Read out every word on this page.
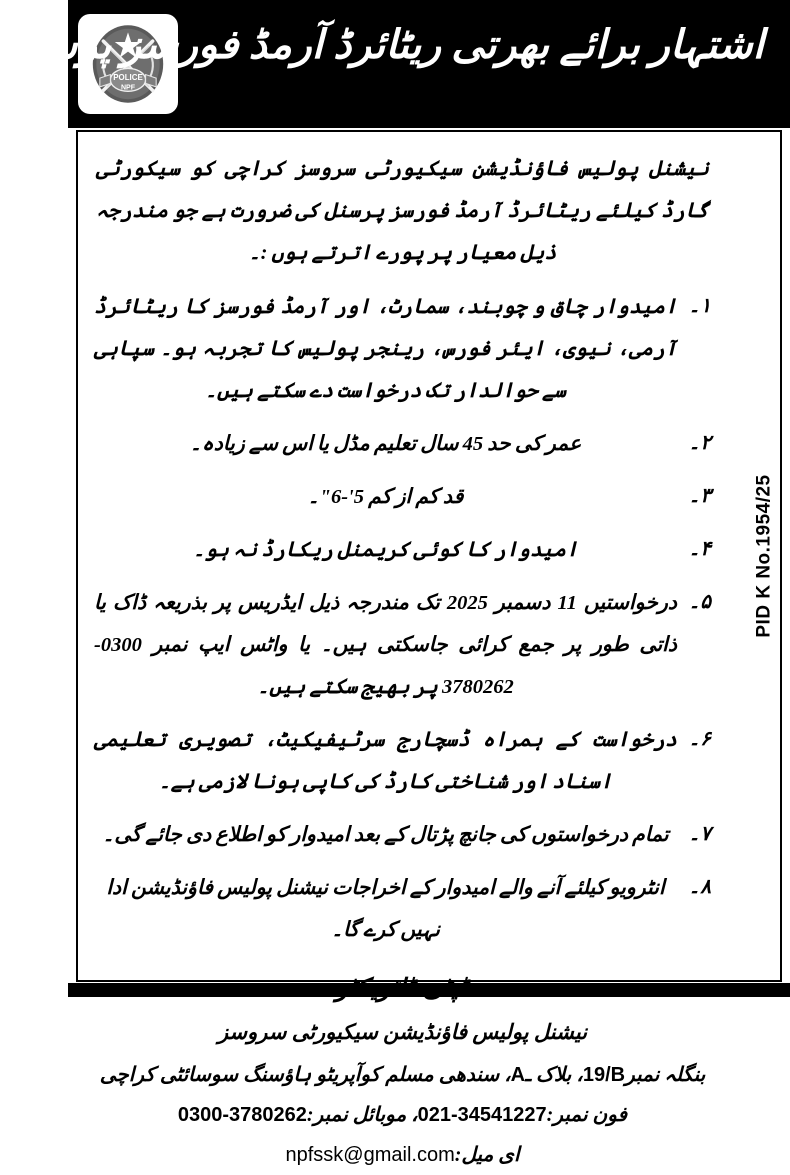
POLICE
NPF
اشتہار برائے بھرتی ریٹائرڈ آرمڈ فورسز پرسنل
نیشنل پولیس فاؤنڈیشن سیکیورٹی سروسز کراچی کو سیکورٹی گارڈ کیلئے ریٹائرڈ آرمڈ فورسز پرسنل کی ضرورت ہے جو مندرجہ ذیل معیار پر پورے اترتے ہوں :۔
۱۔
امیدوار چاق و چوبند، سمارٹ، اور آرمڈ فورسز کا ریٹائرڈ آرمی، نیوی، ایئر فورس، رینجر پولیس کا تجربہ ہو۔ سپاہی سے حوالدار تک درخواست دے سکتے ہیں۔
۲۔
عمر کی حد 45 سال تعلیم مڈل یا اس سے زیادہ۔
۳۔
قد کم از کم 5'-6"۔
۴۔
امیدوار کا کوئی کریمنل ریکارڈ نہ ہو۔
۵۔
درخواستیں 11 دسمبر 2025 تک مندرجہ ذیل ایڈریس پر بذریعہ ڈاک یا ذاتی طور پر جمع کرائی جاسکتی ہیں۔ یا واٹس ایپ نمبر 0300-3780262 پر بھیج سکتے ہیں۔
۶۔
درخواست کے ہمراہ ڈسچارج سرٹیفیکیٹ، تصویری تعلیمی اسناد اور شناختی کارڈ کی کاپی ہونا لازمی ہے۔
۷۔
تمام درخواستوں کی جانچ پڑتال کے بعد امیدوار کو اطلاع دی جائے گی۔
۸۔
انٹرویو کیلئے آنے والے امیدوار کے اخراجات نیشنل پولیس فاؤنڈیشن ادا نہیں کرے گا۔
نیشنل پولیس فاؤنڈیشن سیکیورٹی سروسز
بنگلہ نمبر19/B، بلاک ـA، سندھی مسلم کوآپریٹو ہاؤسنگ سوسائٹی کراچی
فون نمبر:021-34541227، موبائل نمبر:0300-3780262
ای میل:npfssk@gmail.com
PID K No.1954/25
